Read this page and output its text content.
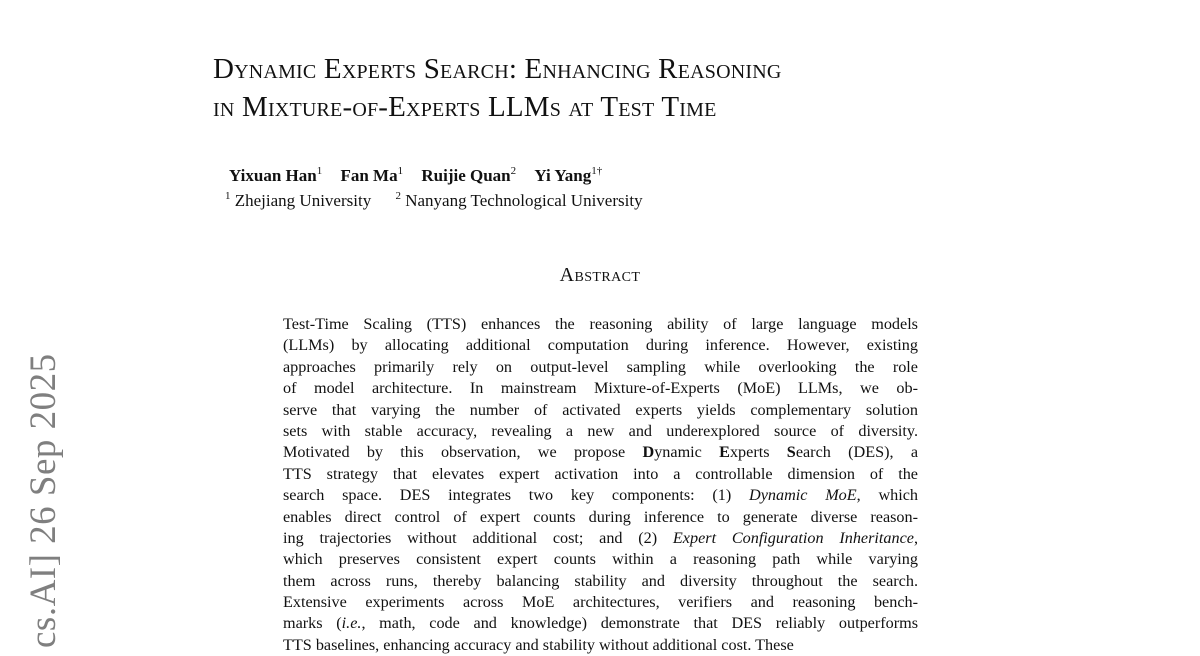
Dynamic Experts Search: Enhancing Reasoning
in Mixture-of-Experts LLMs at Test Time
Yixuan Han$^1$ Fan Ma$^1$ Ruijie Quan$^2$ Yi Yang$^{1\dagger}$
$^1$ Zhejiang University $^2$ Nanyang Technological University
Abstract
Test-Time Scaling (TTS) enhances the reasoning ability of large language models
(LLMs) by allocating additional computation during inference. However, existing
approaches primarily rely on output-level sampling while overlooking the role
of model architecture. In mainstream Mixture-of-Experts (MoE) LLMs, we ob-
serve that varying the number of activated experts yields complementary solution
sets with stable accuracy, revealing a new and underexplored source of diversity.
Motivated by this observation, we propose Dynamic Experts Search (DES), a
TTS strategy that elevates expert activation into a controllable dimension of the
search space. DES integrates two key components: (1) Dynamic MoE, which
enables direct control of expert counts during inference to generate diverse reason-
ing trajectories without additional cost; and (2) Expert Configuration Inheritance,
which preserves consistent expert counts within a reasoning path while varying
them across runs, thereby balancing stability and diversity throughout the search.
Extensive experiments across MoE architectures, verifiers and reasoning bench-
marks (i.e., math, code and knowledge) demonstrate that DES reliably outperforms
TTS baselines, enhancing accuracy and stability without additional cost. These
cs.AI] 26 Sep 2025
